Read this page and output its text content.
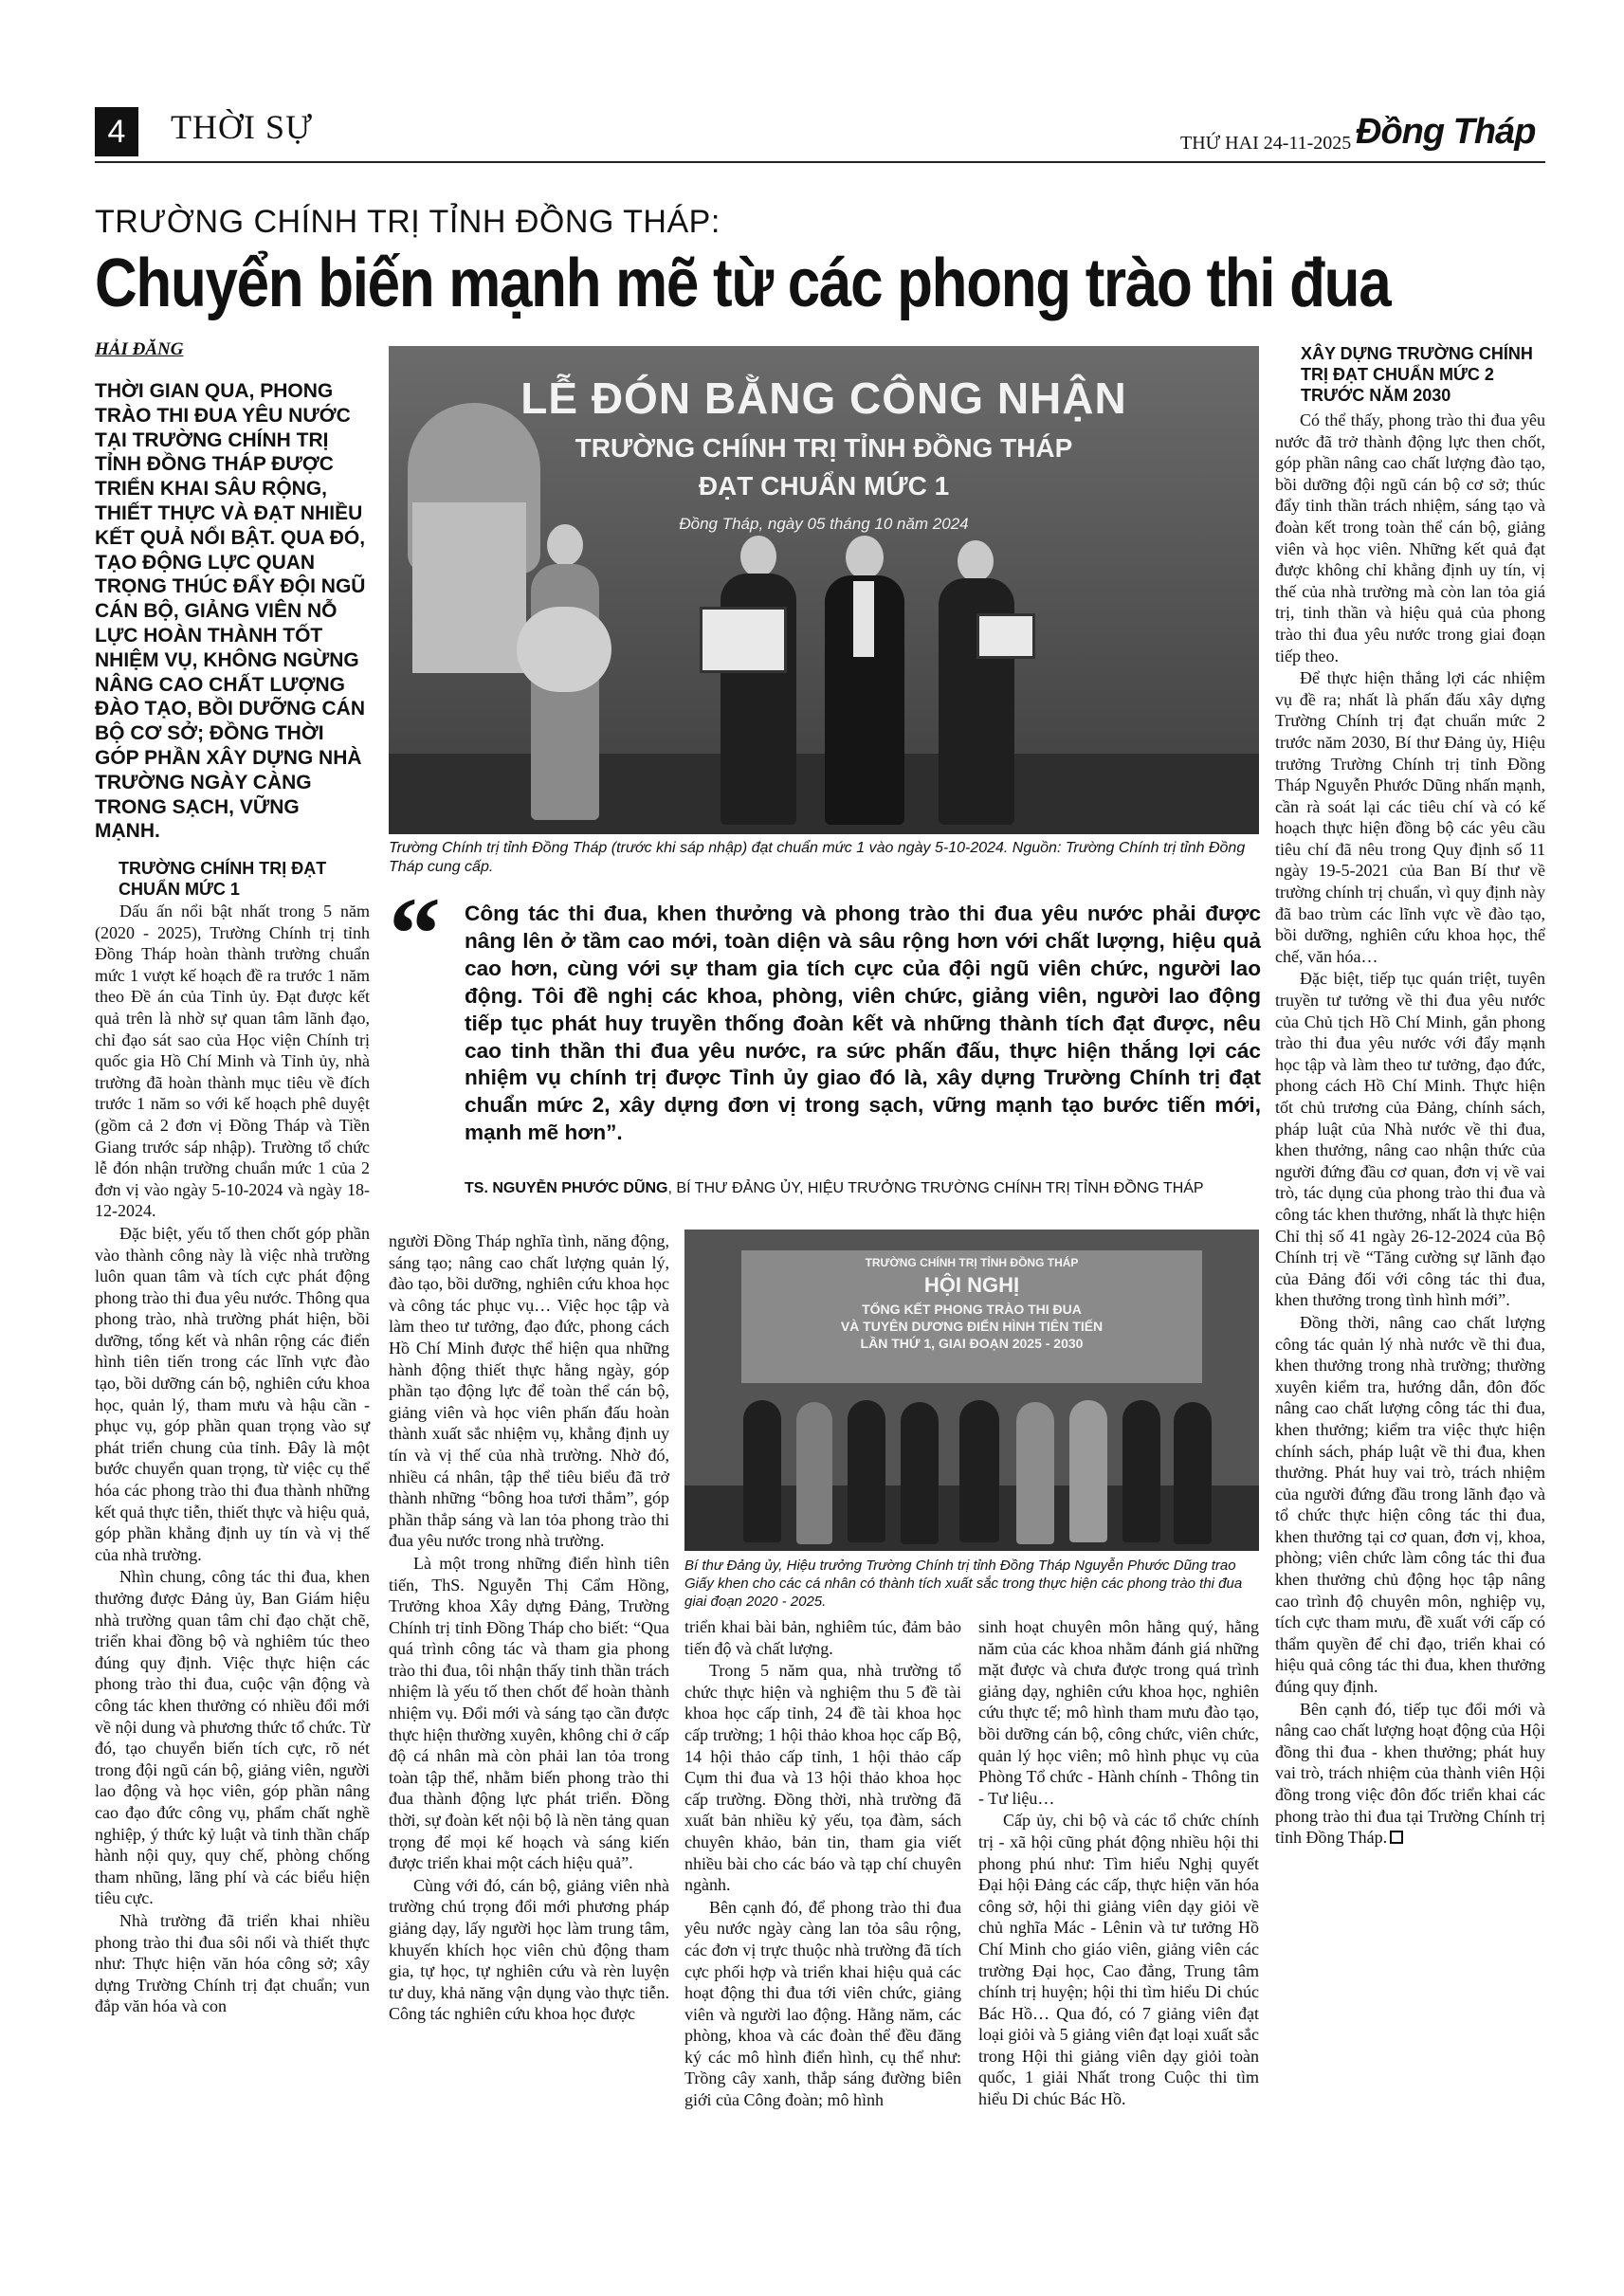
4	THỜI SỰ	THỨ HAI 24-11-2025 Đồng Tháp
TRƯỜNG CHÍNH TRỊ TỈNH ĐỒNG THÁP:
Chuyển biến mạnh mẽ từ các phong trào thi đua
HẢI ĐĂNG
THỜI GIAN QUA, PHONG TRÀO THI ĐUA YÊU NƯỚC TẠI TRƯỜNG CHÍNH TRỊ TỈNH ĐỒNG THÁP ĐƯỢC TRIỂN KHAI SÂU RỘNG, THIẾT THỰC VÀ ĐẠT NHIỀU KẾT QUẢ NỔI BẬT. QUA ĐÓ, TẠO ĐỘNG LỰC QUAN TRỌNG THÚC ĐẨY ĐỘI NGŨ CÁN BỘ, GIẢNG VIÊN NỖ LỰC HOÀN THÀNH TỐT NHIỆM VỤ, KHÔNG NGỪNG NÂNG CAO CHẤT LƯỢNG ĐÀO TẠO, BỒI DƯỠNG CÁN BỘ CƠ SỞ; ĐỒNG THỜI GÓP PHẦN XÂY DỰNG NHÀ TRƯỜNG NGÀY CÀNG TRONG SẠCH, VỮNG MẠNH.
TRƯỜNG CHÍNH TRỊ ĐẠT CHUẨN MỨC 1

Dấu ấn nổi bật nhất trong 5 năm (2020 - 2025), Trường Chính trị tỉnh Đồng Tháp hoàn thành trường chuẩn mức 1 vượt kế hoạch đề ra trước 1 năm theo Đề án của Tỉnh ủy. Đạt được kết quả trên là nhờ sự quan tâm lãnh đạo, chỉ đạo sát sao của Học viện Chính trị quốc gia Hồ Chí Minh và Tỉnh ủy, nhà trường đã hoàn thành mục tiêu về đích trước 1 năm so với kế hoạch phê duyệt (gồm cả 2 đơn vị Đồng Tháp và Tiền Giang trước sáp nhập). Trường tổ chức lễ đón nhận trường chuẩn mức 1 của 2 đơn vị vào ngày 5-10-2024 và ngày 18-12-2024.

Đặc biệt, yếu tố then chốt góp phần vào thành công này là việc nhà trường luôn quan tâm và tích cực phát động phong trào thi đua yêu nước. Thông qua phong trào, nhà trường phát hiện, bồi dưỡng, tổng kết và nhân rộng các điển hình tiên tiến trong các lĩnh vực đào tạo, bồi dưỡng cán bộ, nghiên cứu khoa học, quản lý, tham mưu và hậu cần - phục vụ, góp phần quan trọng vào sự phát triển chung của tỉnh. Đây là một bước chuyển quan trọng, từ việc cụ thể hóa các phong trào thi đua thành những kết quả thực tiễn, thiết thực và hiệu quả, góp phần khẳng định uy tín và vị thế của nhà trường.

Nhìn chung, công tác thi đua, khen thưởng được Đảng ủy, Ban Giám hiệu nhà trường quan tâm chỉ đạo chặt chẽ, triển khai đồng bộ và nghiêm túc theo đúng quy định. Việc thực hiện các phong trào thi đua, cuộc vận động và công tác khen thưởng có nhiều đổi mới về nội dung và phương thức tổ chức. Từ đó, tạo chuyển biến tích cực, rõ nét trong đội ngũ cán bộ, giảng viên, người lao động và học viên, góp phần nâng cao đạo đức công vụ, phẩm chất nghề nghiệp, ý thức kỷ luật và tinh thần chấp hành nội quy, quy chế, phòng chống tham nhũng, lãng phí và các biểu hiện tiêu cực.

Nhà trường đã triển khai nhiều phong trào thi đua sôi nổi và thiết thực như: Thực hiện văn hóa công sở; xây dựng Trường Chính trị đạt chuẩn; vun đắp văn hóa và con

LỄ ĐÓN BẰNG CÔNG NHẬN
TRƯỜNG CHÍNH TRỊ TỈNH ĐỒNG THÁP
ĐẠT CHUẨN MỨC 1
Đồng Tháp, ngày 05 tháng 10 năm 2024
Trường Chính trị tỉnh Đồng Tháp (trước khi sáp nhập) đạt chuẩn mức 1 vào ngày 5-10-2024. Nguồn: Trường Chính trị tỉnh Đồng Tháp cung cấp.
“ Công tác thi đua, khen thưởng và phong trào thi đua yêu nước phải được nâng lên ở tầm cao mới, toàn diện và sâu rộng hơn với chất lượng, hiệu quả cao hơn, cùng với sự tham gia tích cực của đội ngũ viên chức, người lao động. Tôi đề nghị các khoa, phòng, viên chức, giảng viên, người lao động tiếp tục phát huy truyền thống đoàn kết và những thành tích đạt được, nêu cao tinh thần thi đua yêu nước, ra sức phấn đấu, thực hiện thắng lợi các nhiệm vụ chính trị được Tỉnh ủy giao đó là, xây dựng Trường Chính trị đạt chuẩn mức 2, xây dựng đơn vị trong sạch, vững mạnh tạo bước tiến mới, mạnh mẽ hơn”.
TS. NGUYỄN PHƯỚC DŨNG, BÍ THƯ ĐẢNG ỦY, HIỆU TRƯỞNG TRƯỜNG CHÍNH TRỊ TỈNH ĐỒNG THÁP

người Đồng Tháp nghĩa tình, năng động, sáng tạo; nâng cao chất lượng quản lý, đào tạo, bồi dưỡng, nghiên cứu khoa học và công tác phục vụ… Việc học tập và làm theo tư tưởng, đạo đức, phong cách Hồ Chí Minh được thể hiện qua những hành động thiết thực hằng ngày, góp phần tạo động lực để toàn thể cán bộ, giảng viên và học viên phấn đấu hoàn thành xuất sắc nhiệm vụ, khẳng định uy tín và vị thế của nhà trường. Nhờ đó, nhiều cá nhân, tập thể tiêu biểu đã trở thành những “bông hoa tươi thắm”, góp phần thắp sáng và lan tỏa phong trào thi đua yêu nước trong nhà trường.

Là một trong những điển hình tiên tiến, ThS. Nguyễn Thị Cẩm Hồng, Trưởng khoa Xây dựng Đảng, Trường Chính trị tỉnh Đồng Tháp cho biết: “Qua quá trình công tác và tham gia phong trào thi đua, tôi nhận thấy tinh thần trách nhiệm là yếu tố then chốt để hoàn thành nhiệm vụ. Đổi mới và sáng tạo cần được thực hiện thường xuyên, không chỉ ở cấp độ cá nhân mà còn phải lan tỏa trong toàn tập thể, nhằm biến phong trào thi đua thành động lực phát triển. Đồng thời, sự đoàn kết nội bộ là nền tảng quan trọng để mọi kế hoạch và sáng kiến được triển khai một cách hiệu quả”.

Cùng với đó, cán bộ, giảng viên nhà trường chú trọng đổi mới phương pháp giảng dạy, lấy người học làm trung tâm, khuyến khích học viên chủ động tham gia, tự học, tự nghiên cứu và rèn luyện tư duy, khả năng vận dụng vào thực tiễn. Công tác nghiên cứu khoa học được

TRƯỜNG CHÍNH TRỊ TỈNH ĐỒNG THÁP
HỘI NGHỊ
TỔNG KẾT PHONG TRÀO THI ĐUA
VÀ TUYÊN DƯƠNG ĐIỂN HÌNH TIÊN TIẾN
LẦN THỨ 1, GIAI ĐOẠN 2025 - 2030
Bí thư Đảng ủy, Hiệu trưởng Trường Chính trị tỉnh Đồng Tháp Nguyễn Phước Dũng trao Giấy khen cho các cá nhân có thành tích xuất sắc trong thực hiện các phong trào thi đua giai đoạn 2020 - 2025.

triển khai bài bản, nghiêm túc, đảm bảo tiến độ và chất lượng.

Trong 5 năm qua, nhà trường tổ chức thực hiện và nghiệm thu 5 đề tài khoa học cấp tỉnh, 24 đề tài khoa học cấp trường; 1 hội thảo khoa học cấp Bộ, 14 hội thảo cấp tỉnh, 1 hội thảo cấp Cụm thi đua và 13 hội thảo khoa học cấp trường. Đồng thời, nhà trường đã xuất bản nhiều kỷ yếu, tọa đàm, sách chuyên khảo, bản tin, tham gia viết nhiều bài cho các báo và tạp chí chuyên ngành.

Bên cạnh đó, để phong trào thi đua yêu nước ngày càng lan tỏa sâu rộng, các đơn vị trực thuộc nhà trường đã tích cực phối hợp và triển khai hiệu quả các hoạt động thi đua tới viên chức, giảng viên và người lao động. Hằng năm, các phòng, khoa và các đoàn thể đều đăng ký các mô hình điển hình, cụ thể như: Trồng cây xanh, thắp sáng đường biên giới của Công đoàn; mô hình

sinh hoạt chuyên môn hằng quý, hằng năm của các khoa nhằm đánh giá những mặt được và chưa được trong quá trình giảng dạy, nghiên cứu khoa học, nghiên cứu thực tế; mô hình tham mưu đào tạo, bồi dưỡng cán bộ, công chức, viên chức, quản lý học viên; mô hình phục vụ của Phòng Tổ chức - Hành chính - Thông tin - Tư liệu…

Cấp ủy, chi bộ và các tổ chức chính trị - xã hội cũng phát động nhiều hội thi phong phú như: Tìm hiểu Nghị quyết Đại hội Đảng các cấp, thực hiện văn hóa công sở, hội thi giảng viên dạy giỏi về chủ nghĩa Mác - Lênin và tư tưởng Hồ Chí Minh cho giáo viên, giảng viên các trường Đại học, Cao đẳng, Trung tâm chính trị huyện; hội thi tìm hiểu Di chúc Bác Hồ… Qua đó, có 7 giảng viên đạt loại giỏi và 5 giảng viên đạt loại xuất sắc trong Hội thi giảng viên dạy giỏi toàn quốc, 1 giải Nhất trong Cuộc thi tìm hiểu Di chúc Bác Hồ.

XÂY DỰNG TRƯỜNG CHÍNH TRỊ ĐẠT CHUẨN MỨC 2 TRƯỚC NĂM 2030

Có thể thấy, phong trào thi đua yêu nước đã trở thành động lực then chốt, góp phần nâng cao chất lượng đào tạo, bồi dưỡng đội ngũ cán bộ cơ sở; thúc đẩy tinh thần trách nhiệm, sáng tạo và đoàn kết trong toàn thể cán bộ, giảng viên và học viên. Những kết quả đạt được không chỉ khẳng định uy tín, vị thế của nhà trường mà còn lan tỏa giá trị, tinh thần và hiệu quả của phong trào thi đua yêu nước trong giai đoạn tiếp theo.

Để thực hiện thắng lợi các nhiệm vụ đề ra; nhất là phấn đấu xây dựng Trường Chính trị đạt chuẩn mức 2 trước năm 2030, Bí thư Đảng ủy, Hiệu trưởng Trường Chính trị tỉnh Đồng Tháp Nguyễn Phước Dũng nhấn mạnh, cần rà soát lại các tiêu chí và có kế hoạch thực hiện đồng bộ các yêu cầu tiêu chí đã nêu trong Quy định số 11 ngày 19-5-2021 của Ban Bí thư về trường chính trị chuẩn, vì quy định này đã bao trùm các lĩnh vực về đào tạo, bồi dưỡng, nghiên cứu khoa học, thể chế, văn hóa…

Đặc biệt, tiếp tục quán triệt, tuyên truyền tư tưởng về thi đua yêu nước của Chủ tịch Hồ Chí Minh, gắn phong trào thi đua yêu nước với đẩy mạnh học tập và làm theo tư tưởng, đạo đức, phong cách Hồ Chí Minh. Thực hiện tốt chủ trương của Đảng, chính sách, pháp luật của Nhà nước về thi đua, khen thưởng, nâng cao nhận thức của người đứng đầu cơ quan, đơn vị về vai trò, tác dụng của phong trào thi đua và công tác khen thưởng, nhất là thực hiện Chỉ thị số 41 ngày 26-12-2024 của Bộ Chính trị về “Tăng cường sự lãnh đạo của Đảng đối với công tác thi đua, khen thưởng trong tình hình mới”.

Đồng thời, nâng cao chất lượng công tác quản lý nhà nước về thi đua, khen thưởng trong nhà trường; thường xuyên kiểm tra, hướng dẫn, đôn đốc nâng cao chất lượng công tác thi đua, khen thưởng; kiểm tra việc thực hiện chính sách, pháp luật về thi đua, khen thưởng. Phát huy vai trò, trách nhiệm của người đứng đầu trong lãnh đạo và tổ chức thực hiện công tác thi đua, khen thưởng tại cơ quan, đơn vị, khoa, phòng; viên chức làm công tác thi đua khen thưởng chủ động học tập nâng cao trình độ chuyên môn, nghiệp vụ, tích cực tham mưu, đề xuất với cấp có thẩm quyền để chỉ đạo, triển khai có hiệu quả công tác thi đua, khen thưởng đúng quy định.

Bên cạnh đó, tiếp tục đổi mới và nâng cao chất lượng hoạt động của Hội đồng thi đua - khen thưởng; phát huy vai trò, trách nhiệm của thành viên Hội đồng trong việc đôn đốc triển khai các phong trào thi đua tại Trường Chính trị tỉnh Đồng Tháp.
